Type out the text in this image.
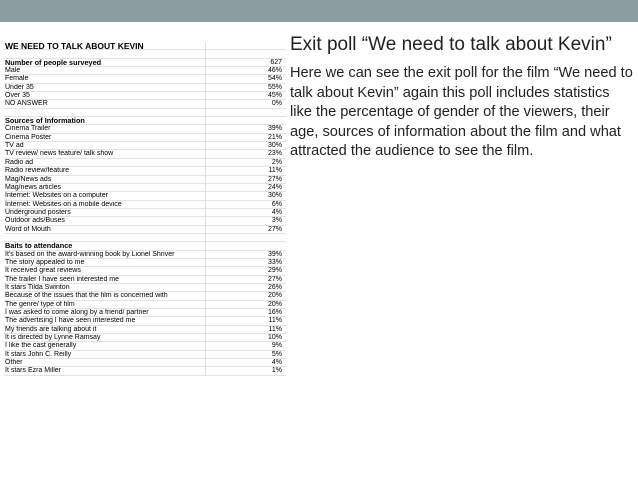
WE NEED TO TALK ABOUT KEVIN
Number of people surveyed	627
Male	46%
Female	54%
Under 35	55%
Over 35	45%
NO ANSWER	0%
Sources of Information
Cinema Trailer	39%
Cinema Poster	21%
TV ad	30%
TV review/ news feature/ talk show	23%
Radio ad	2%
Radio review/feature	11%
Mag/News ads	27%
Mag/news articles	24%
Internet: Websites on a computer	30%
Internet: Websites on a mobile device	6%
Underground posters	4%
Outdoor ads/Buses	3%
Word of Mouth	27%
Baits to attendance
It's based on the award-winning book by Lionel Shriver	39%
The story appealed to me	33%
It received great reviews	29%
The trailer I have seen interested me	27%
It stars Tilda Swinton	26%
Because of the issues that the film is concerned with	20%
The genre/ type of film	20%
I was asked to come along by a friend/ partner	16%
The advertising I have seen interested me	11%
My friends are talking about it	11%
It is directed by Lynne Ramsay	10%
I like the cast generally	9%
It stars John C. Reilly	5%
Other	4%
It stars Ezra Miller	1%
Exit poll “We need to talk about Kevin”

Here we can see the exit poll for the film “We need to talk about Kevin” again this poll includes statistics like the percentage of gender of the viewers, their age, sources of information about the film and what attracted the audience to see the film.
